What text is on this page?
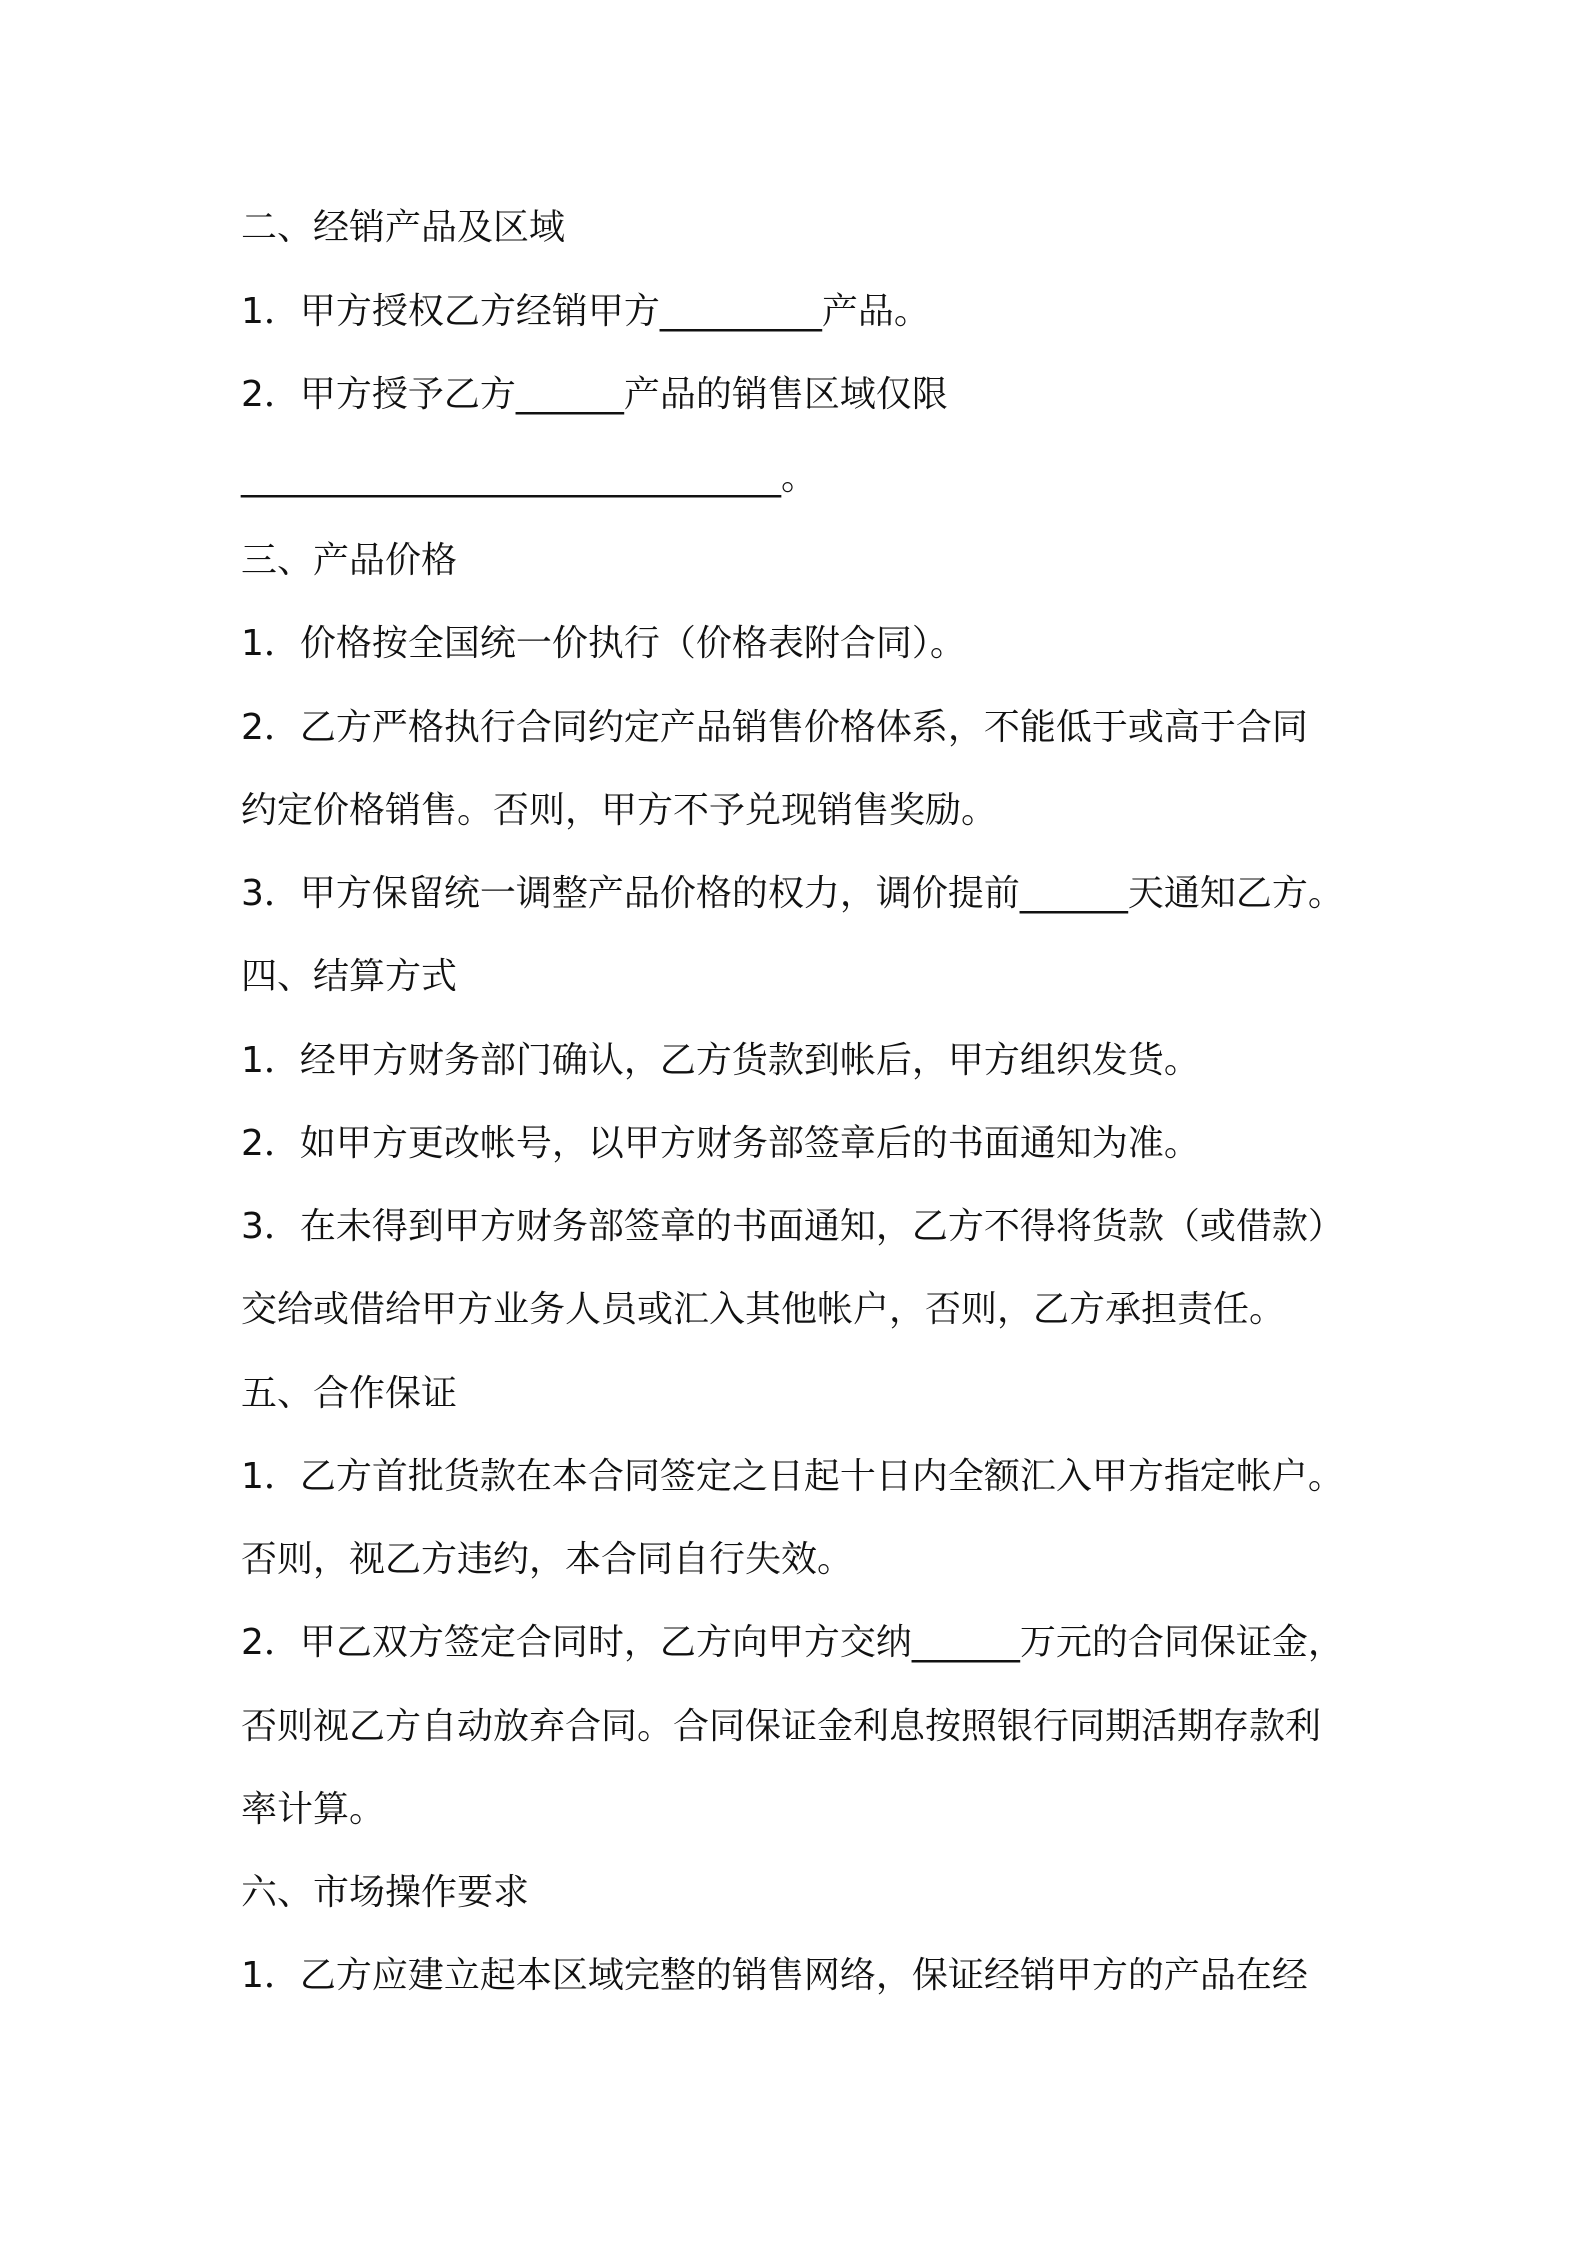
二、经销产品及区域
1．甲方授权乙方经销甲方_________产品。
2．甲方授予乙方______产品的销售区域仅限
______________________________。
三、产品价格
1．价格按全国统一价执行（价格表附合同）。
2．乙方严格执行合同约定产品销售价格体系，不能低于或高于合同
约定价格销售。否则，甲方不予兑现销售奖励。
3．甲方保留统一调整产品价格的权力，调价提前______天通知乙方。
四、结算方式
1．经甲方财务部门确认，乙方货款到帐后，甲方组织发货。
2．如甲方更改帐号，以甲方财务部签章后的书面通知为准。
3．在未得到甲方财务部签章的书面通知，乙方不得将货款（或借款）
交给或借给甲方业务人员或汇入其他帐户，否则，乙方承担责任。
五、合作保证
1．乙方首批货款在本合同签定之日起十日内全额汇入甲方指定帐户。
否则，视乙方违约，本合同自行失效。
2．甲乙双方签定合同时，乙方向甲方交纳______万元的合同保证金，
否则视乙方自动放弃合同。合同保证金利息按照银行同期活期存款利
率计算。
六、市场操作要求
1．乙方应建立起本区域完整的销售网络，保证经销甲方的产品在经
